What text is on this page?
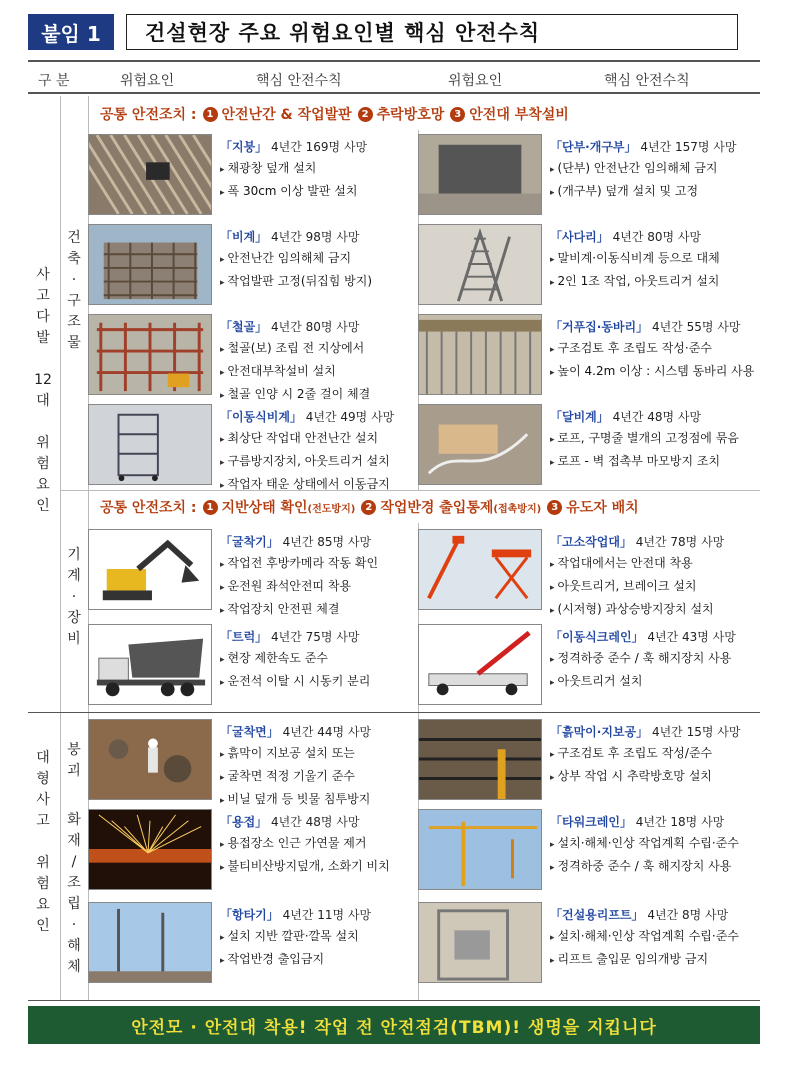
붙임 1	건설현장 주요 위험요인별 핵심 안전수칙
구 분	위험요인	핵심 안전수칙	위험요인	핵심 안전수칙
사
고
다
발

12
대

위
험
요
인
건
축
·
구
조
물
기
계
·
장
비
대
형
사
고

위
험
요
인
붕
괴
화
재
/
조
립
·
해
체
공통 안전조치 :	1 안전난간 & 작업발판	2 추락방호망	3 안전대 부착설비
공통 안전조치 :	1 지반상태 확인 (전도방지)	2 작업반경 출입통제 (접촉방지)	3 유도자 배치
「지붕」 4년간 169명 사망
▸ 채광창 덮개 설치
▸ 폭 30cm 이상 발판 설치
「단부·개구부」 4년간 157명 사망
▸ (단부) 안전난간 임의해체 금지
▸ (개구부) 덮개 설치 및 고정
「비계」 4년간 98명 사망
▸ 안전난간 임의해체 금지
▸ 작업발판 고정(뒤집힘 방지)
「사다리」 4년간 80명 사망
▸ 말비계·이동식비계 등으로 대체
▸ 2인 1조 작업, 아웃트리거 설치
「철골」 4년간 80명 사망
▸ 철골(보) 조립 전 지상에서
▸ 안전대부착설비 설치
▸ 철골 인양 시 2줄 걸이 체결
「거푸집·동바리」 4년간 55명 사망
▸ 구조검토 후 조립도 작성·준수
▸ 높이 4.2m 이상 : 시스템 동바리 사용
「이동식비계」 4년간 49명 사망
▸ 최상단 작업대 안전난간 설치
▸ 구름방지장치, 아웃트리거 설치
▸ 작업자 태운 상태에서 이동금지
「달비계」 4년간 48명 사망
▸ 로프, 구명줄 별개의 고정점에 묶음
▸ 로프 - 벽 접촉부 마모방지 조치
「굴착기」 4년간 85명 사망
▸ 작업전 후방카메라 작동 확인
▸ 운전원 좌석안전띠 착용
▸ 작업장치 안전핀 체결
「고소작업대」 4년간 78명 사망
▸ 작업대에서는 안전대 착용
▸ 아웃트리거, 브레이크 설치
▸ (시저형) 과상승방지장치 설치
「트럭」 4년간 75명 사망
▸ 현장 제한속도 준수
▸ 운전석 이탈 시 시동키 분리
「이동식크레인」 4년간 43명 사망
▸ 정격하중 준수 / 훅 해지장치 사용
▸ 아웃트리거 설치
「굴착면」 4년간 44명 사망
▸ 흙막이 지보공 설치 또는
▸ 굴착면 적정 기울기 준수
▸ 비닐 덮개 등 빗물 침투방지
「흙막이·지보공」 4년간 15명 사망
▸ 구조검토 후 조립도 작성/준수
▸ 상부 작업 시 추락방호망 설치
「용접」 4년간 48명 사망
▸ 용접장소 인근 가연물 제거
▸ 불티비산방지덮개, 소화기 비치
「타워크레인」 4년간 18명 사망
▸ 설치·해체·인상 작업계획 수립·준수
▸ 정격하중 준수 / 훅 해지장치 사용
「항타기」 4년간 11명 사망
▸ 설치 지반 깔판·깔목 설치
▸ 작업반경 출입금지
「건설용리프트」 4년간 8명 사망
▸ 설치·해체·인상 작업계획 수립·준수
▸ 리프트 출입문 임의개방 금지
안전모 · 안전대 착용! 작업 전 안전점검(TBM)! 생명을 지킵니다
